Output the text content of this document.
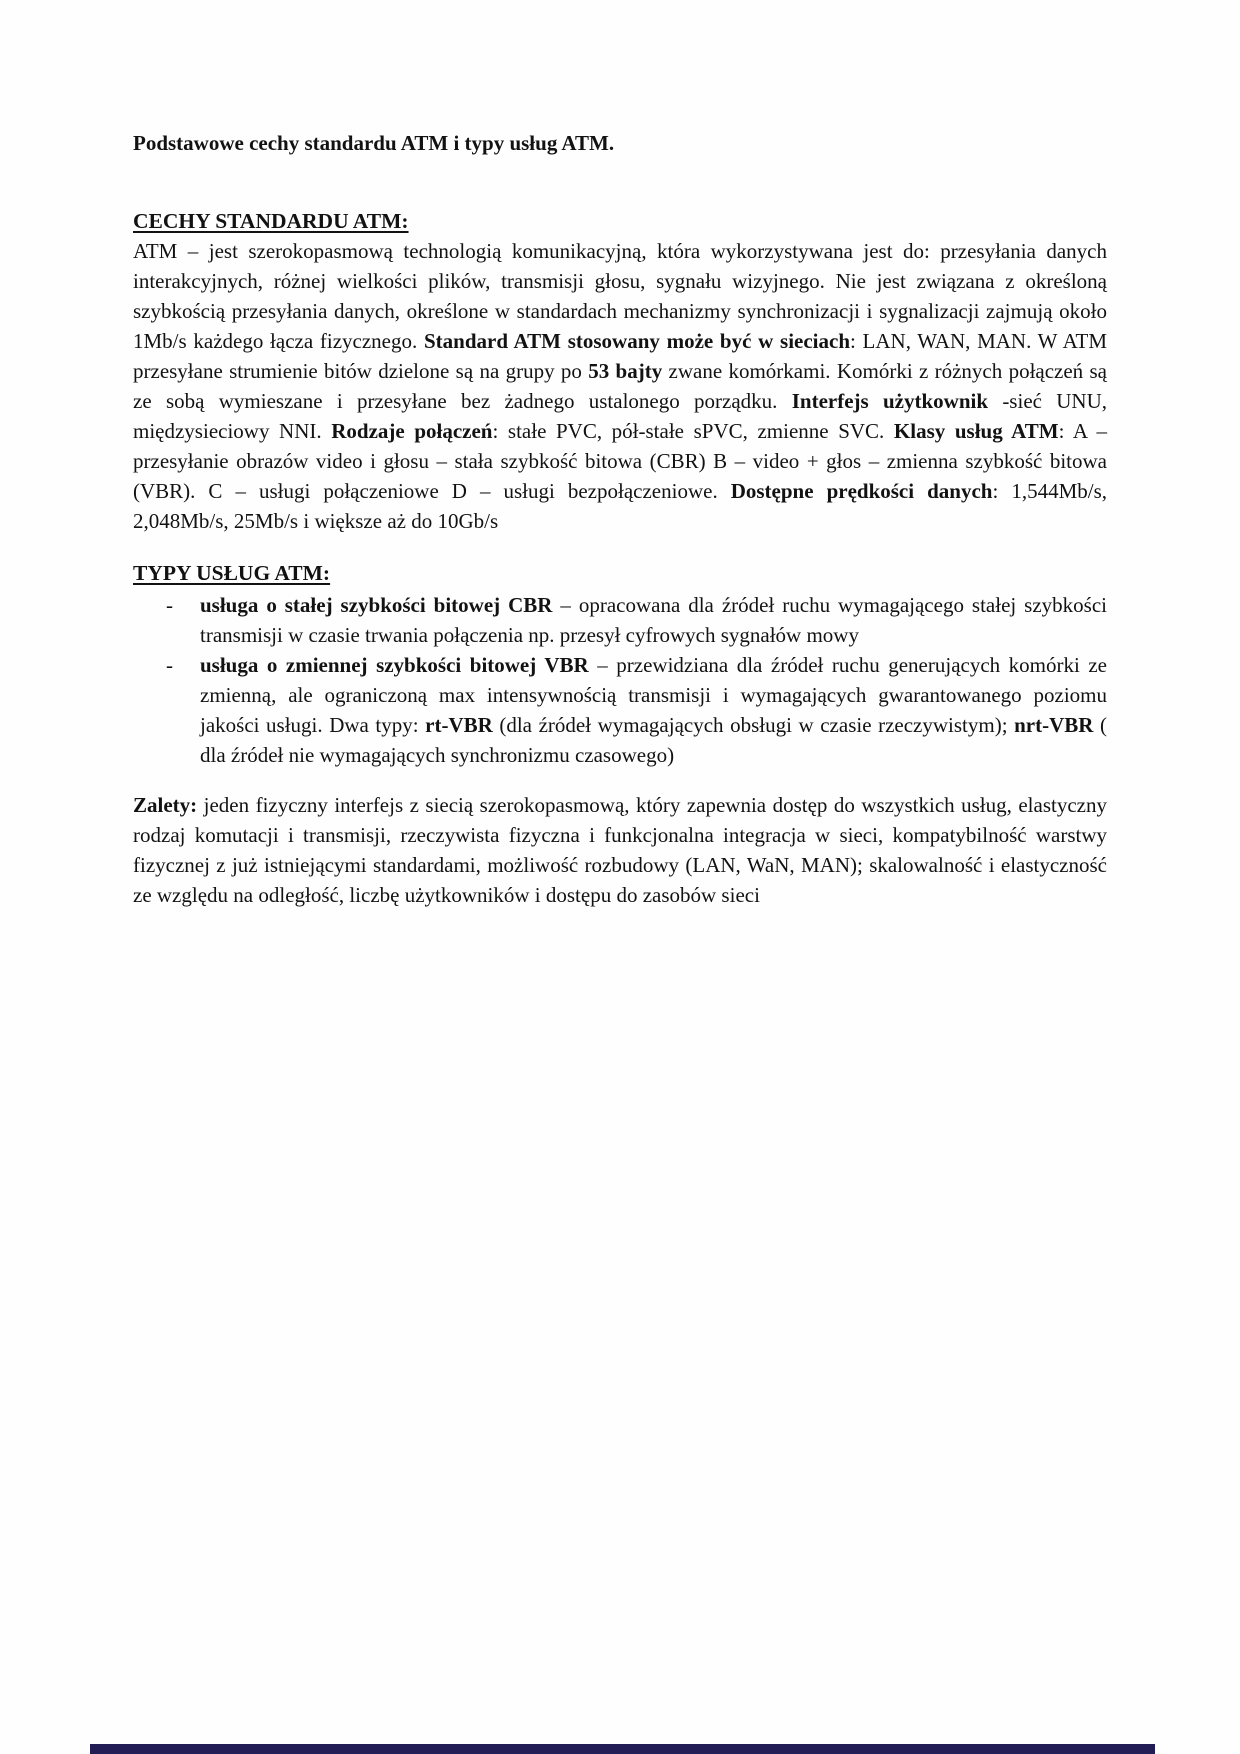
Podstawowe cechy standardu ATM i typy usług ATM.

CECHY STANDARDU ATM:

ATM – jest szerokopasmową technologią komunikacyjną, która wykorzystywana jest do: przesyłania danych interakcyjnych, różnej wielkości plików, transmisji głosu, sygnału wizyjnego. Nie jest związana z określoną szybkością przesyłania danych, określone w standardach mechanizmy synchronizacji i sygnalizacji zajmują około 1Mb/s każdego łącza fizycznego. Standard ATM stosowany może być w sieciach: LAN, WAN, MAN. W ATM przesyłane strumienie bitów dzielone są na grupy po 53 bajty zwane komórkami. Komórki z różnych połączeń są ze sobą wymieszane i przesyłane bez żadnego ustalonego porządku. Interfejs użytkownik -sieć UNU, międzysieciowy NNI. Rodzaje połączeń: stałe PVC, pół-stałe sPVC, zmienne SVC. Klasy usług ATM: A – przesyłanie obrazów video i głosu – stała szybkość bitowa (CBR) B – video + głos – zmienna szybkość bitowa (VBR). C – usługi połączeniowe D – usługi bezpołączeniowe. Dostępne prędkości danych: 1,544Mb/s, 2,048Mb/s, 25Mb/s i większe aż do 10Gb/s

TYPY USŁUG ATM:
-	usługa o stałej szybkości bitowej CBR – opracowana dla źródeł ruchu wymagającego stałej szybkości transmisji w czasie trwania połączenia np. przesył cyfrowych sygnałów mowy
-	usługa o zmiennej szybkości bitowej VBR – przewidziana dla źródeł ruchu generujących komórki ze zmienną, ale ograniczoną max intensywnością transmisji i wymagających gwarantowanego poziomu jakości usługi. Dwa typy: rt-VBR (dla źródeł wymagających obsługi w czasie rzeczywistym); nrt-VBR ( dla źródeł nie wymagających synchronizmu czasowego)

Zalety: jeden fizyczny interfejs z siecią szerokopasmową, który zapewnia dostęp do wszystkich usług, elastyczny rodzaj komutacji i transmisji, rzeczywista fizyczna i funkcjonalna integracja w sieci, kompatybilność warstwy fizycznej z już istniejącymi standardami, możliwość rozbudowy (LAN, WaN, MAN); skalowalność i elastyczność ze względu na odległość, liczbę użytkowników i dostępu do zasobów sieci
